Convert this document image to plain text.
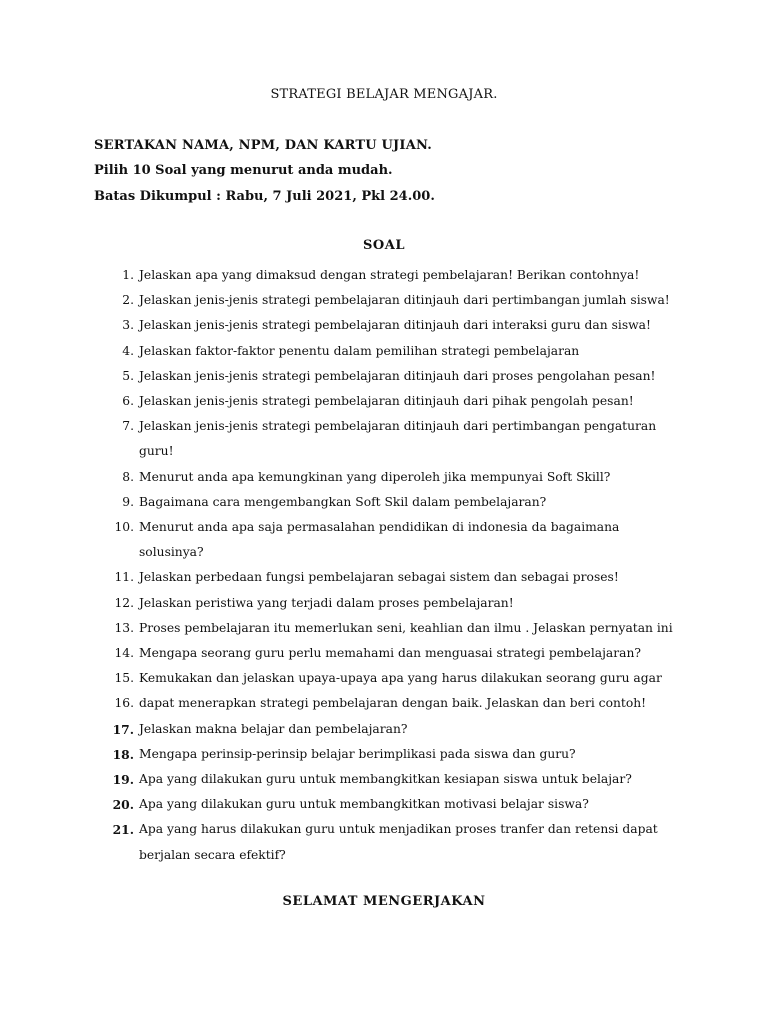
STRATEGI BELAJAR MENGAJAR.

SERTAKAN NAMA, NPM, DAN KARTU UJIAN.

Pilih 10 Soal yang menurut anda mudah.

Batas Dikumpul : Rabu, 7 Juli 2021, Pkl 24.00.

SOAL
1. Jelaskan apa yang dimaksud dengan strategi pembelajaran! Berikan contohnya!
2. Jelaskan jenis-jenis strategi pembelajaran ditinjauh dari pertimbangan jumlah siswa!
3. Jelaskan jenis-jenis strategi pembelajaran ditinjauh dari interaksi guru dan siswa!
4. Jelaskan faktor-faktor penentu dalam pemilihan strategi pembelajaran
5. Jelaskan jenis-jenis strategi pembelajaran ditinjauh dari proses pengolahan pesan!
6. Jelaskan jenis-jenis strategi pembelajaran ditinjauh dari pihak pengolah pesan!
7. Jelaskan jenis-jenis strategi pembelajaran ditinjauh dari pertimbangan pengaturan
guru!
8. Menurut anda apa kemungkinan yang diperoleh jika mempunyai Soft Skill?
9. Bagaimana cara mengembangkan Soft Skil dalam pembelajaran?
10. Menurut anda apa saja permasalahan pendidikan di indonesia da bagaimana
solusinya?
11. Jelaskan perbedaan fungsi pembelajaran sebagai sistem dan sebagai proses!
12. Jelaskan peristiwa yang terjadi dalam proses pembelajaran!
13. Proses pembelajaran itu memerlukan seni, keahlian dan ilmu . Jelaskan pernyatan ini
14. Mengapa seorang guru perlu memahami dan menguasai strategi pembelajaran?
15. Kemukakan dan jelaskan upaya-upaya apa yang harus dilakukan seorang guru agar
16. dapat menerapkan strategi pembelajaran dengan baik. Jelaskan dan beri contoh!
17. Jelaskan makna belajar dan pembelajaran?
18. Mengapa perinsip-perinsip belajar berimplikasi pada siswa dan guru?
19. Apa yang dilakukan guru untuk membangkitkan kesiapan siswa untuk belajar?
20. Apa yang dilakukan guru untuk membangkitkan motivasi belajar siswa?
21. Apa yang harus dilakukan guru untuk menjadikan proses tranfer dan retensi dapat
berjalan secara efektif?

SELAMAT MENGERJAKAN
